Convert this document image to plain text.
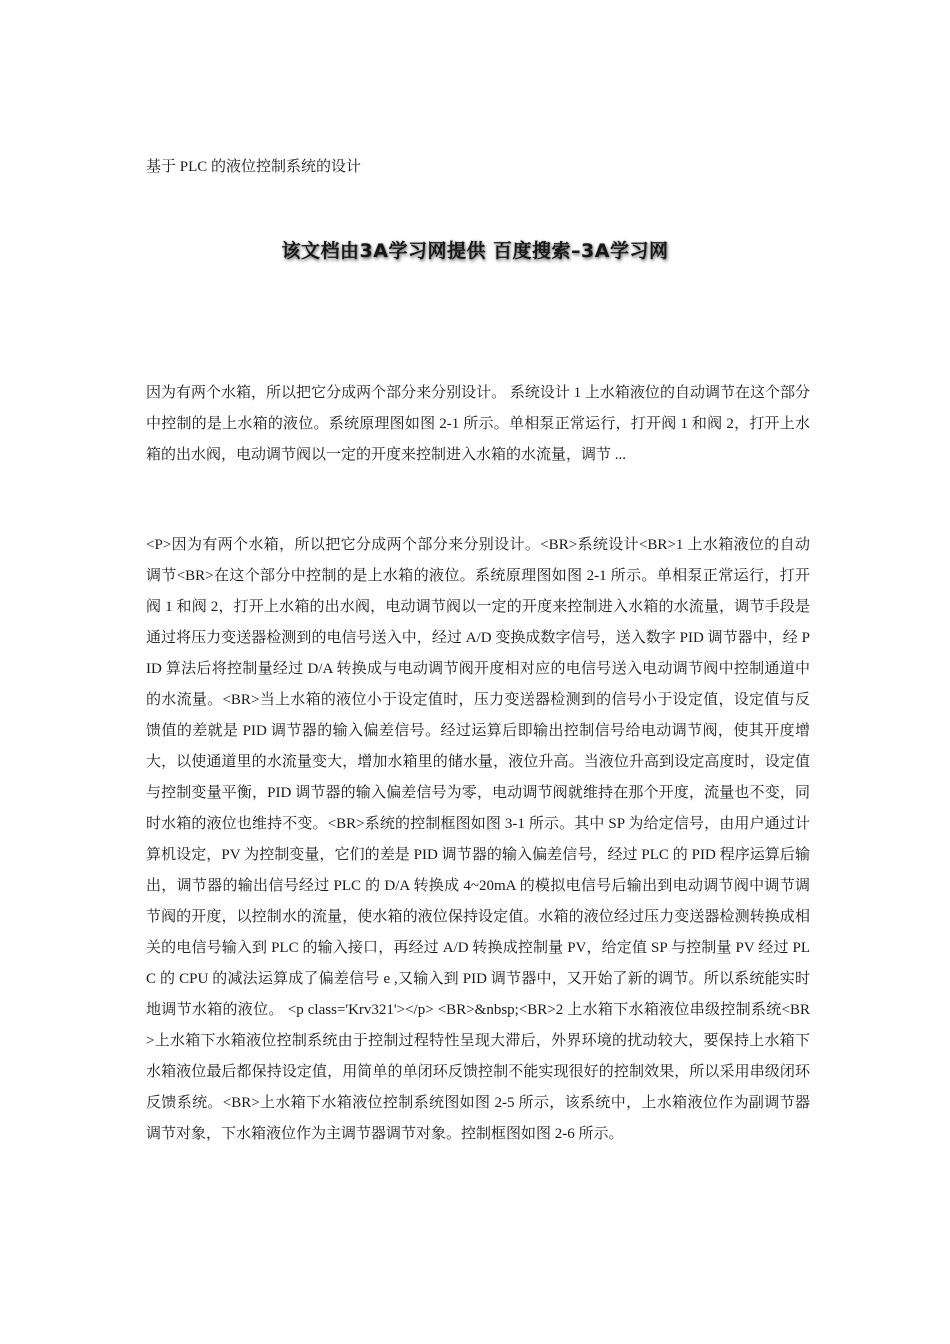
基于 PLC 的液位控制系统的设计
该文档由3A学习网提供 百度搜索–3A学习网
因为有两个水箱，所以把它分成两个部分来分别设计。 系统设计 1 上水箱液位的自动调节在这个部分中控制的是上水箱的液位。系统原理图如图 2-1 所示。单相泵正常运行，打开阀 1 和阀 2，打开上水箱的出水阀，电动调节阀以一定的开度来控制进入水箱的水流量，调节 ...
<P>因为有两个水箱，所以把它分成两个部分来分别设计。<BR>系统设计<BR>1 上水箱液位的自动调节<BR>在这个部分中控制的是上水箱的液位。系统原理图如图 2-1 所示。单相泵正常运行，打开阀 1 和阀 2，打开上水箱的出水阀，电动调节阀以一定的开度来控制进入水箱的水流量，调节手段是通过将压力变送器检测到的电信号送入中，经过 A/D 变换成数字信号，送入数字 PID 调节器中，经 PID 算法后将控制量经过 D/A 转换成与电动调节阀开度相对应的电信号送入电动调节阀中控制通道中的水流量。<BR>当上水箱的液位小于设定值时，压力变送器检测到的信号小于设定值，设定值与反馈值的差就是 PID 调节器的输入偏差信号。经过运算后即输出控制信号给电动调节阀，使其开度增大，以使通道里的水流量变大，增加水箱里的储水量，液位升高。当液位升高到设定高度时，设定值与控制变量平衡，PID 调节器的输入偏差信号为零，电动调节阀就维持在那个开度，流量也不变，同时水箱的液位也维持不变。<BR>系统的控制框图如图 3-1 所示。其中 SP 为给定信号，由用户通过计算机设定，PV 为控制变量，它们的差是 PID 调节器的输入偏差信号，经过 PLC 的 PID 程序运算后输出，调节器的输出信号经过 PLC 的 D/A 转换成 4~20mA 的模拟电信号后输出到电动调节阀中调节调节阀的开度，以控制水的流量，使水箱的液位保持设定值。水箱的液位经过压力变送器检测转换成相关的电信号输入到 PLC 的输入接口，再经过 A/D 转换成控制量 PV，给定值 SP 与控制量 PV 经过 PLC 的 CPU 的减法运算成了偏差信号 e ,又输入到 PID 调节器中，又开始了新的调节。所以系统能实时地调节水箱的液位。 <p class='Krv321'></p> <BR>&nbsp;<BR>2 上水箱下水箱液位串级控制系统<BR>上水箱下水箱液位控制系统由于控制过程特性呈现大滞后，外界环境的扰动较大，要保持上水箱下水箱液位最后都保持设定值，用简单的单闭环反馈控制不能实现很好的控制效果，所以采用串级闭环反馈系统。<BR>上水箱下水箱液位控制系统图如图 2-5 所示，该系统中，上水箱液位作为副调节器调节对象，下水箱液位作为主调节器调节对象。控制框图如图 2-6 所示。
